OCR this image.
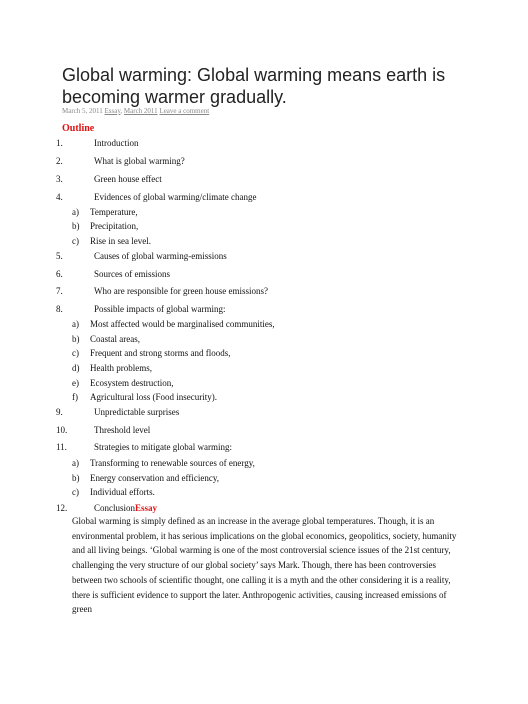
Global warming: Global warming means earth is becoming warmer gradually.
March 5, 2011 Essay, March 2011 Leave a comment
Outline
1.	Introduction
2.	What is global warming?
3.	Green house effect
4.	Evidences of global warming/climate change
a) Temperature,
b) Precipitation,
c) Rise in sea level.
5.	Causes of global warming-emissions
6.	Sources of emissions
7.	Who are responsible for green house emissions?
8.	Possible impacts of global warming:
a) Most affected would be marginalised communities,
b) Coastal areas,
c) Frequent and strong storms and floods,
d) Health problems,
e) Ecosystem destruction,
f) Agricultural loss (Food insecurity).
9.	Unpredictable surprises
10.	Threshold level
11.	Strategies to mitigate global warming:
a) Transforming to renewable sources of energy,
b) Energy conservation and efficiency,
c) Individual efforts.
12.	ConclusionEssay

Global warming is simply defined as an increase in the average global temperatures. Though, it is an environmental problem, it has serious implications on the global economics, geopolitics, society, humanity and all living beings. ‘Global warming is one of the most controversial science issues of the 21st century, challenging the very structure of our global society’ says Mark. Though, there has been controversies between two schools of scientific thought, one calling it is a myth and the other considering it is a reality, there is sufficient evidence to support the later. Anthropogenic activities, causing increased emissions of green
